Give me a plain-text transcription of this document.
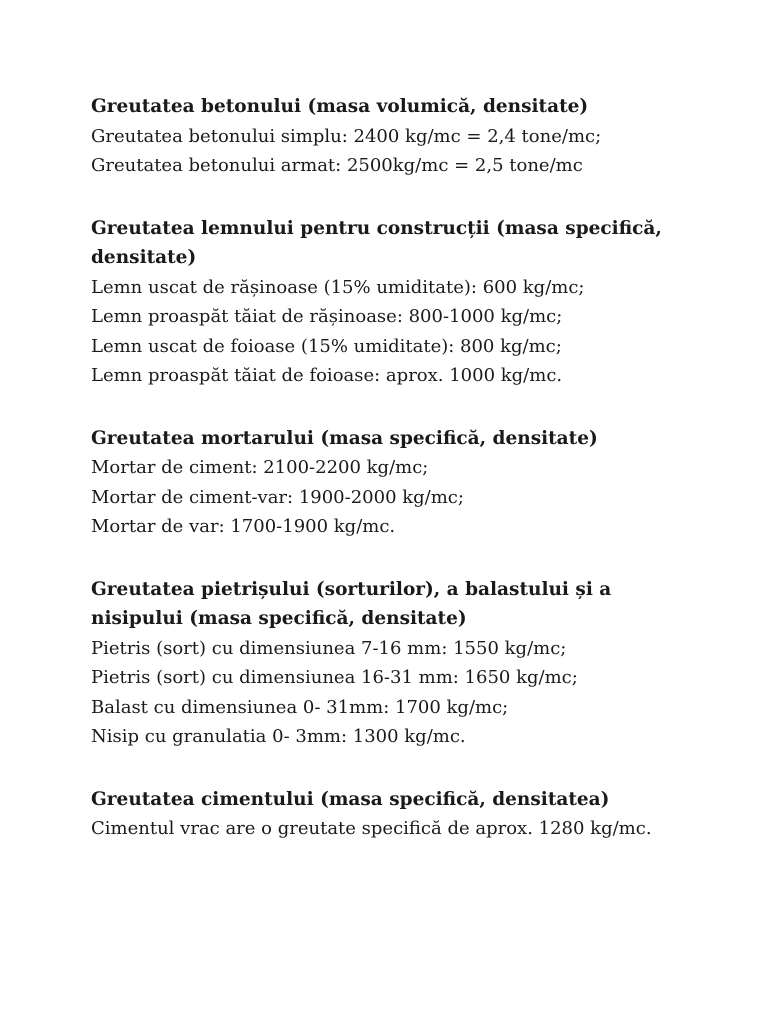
Greutatea betonului (masa volumică, densitate)

Greutatea betonului simplu: 2400 kg/mc = 2,4 tone/mc;

Greutatea betonului armat: 2500kg/mc = 2,5 tone/mc

Greutatea lemnului pentru construcții (masa specifică, densitate)

Lemn uscat de rășinoase (15% umiditate): 600 kg/mc;

Lemn proaspăt tăiat de rășinoase: 800-1000 kg/mc;

Lemn uscat de foioase (15% umiditate): 800 kg/mc;

Lemn proaspăt tăiat de foioase: aprox. 1000 kg/mc.

Greutatea mortarului (masa specifică, densitate)

Mortar de ciment: 2100-2200 kg/mc;

Mortar de ciment-var: 1900-2000 kg/mc;

Mortar de var: 1700-1900 kg/mc.

Greutatea pietrișului (sorturilor), a balastului și a nisipului (masa specifică, densitate)

Pietris (sort) cu dimensiunea 7-16 mm: 1550 kg/mc;

Pietris (sort) cu dimensiunea 16-31 mm: 1650 kg/mc;

Balast cu dimensiunea 0- 31mm: 1700 kg/mc;

Nisip cu granulatia 0- 3mm: 1300 kg/mc.

Greutatea cimentului (masa specifică, densitatea)

Cimentul vrac are o greutate specifică de aprox. 1280 kg/mc.
